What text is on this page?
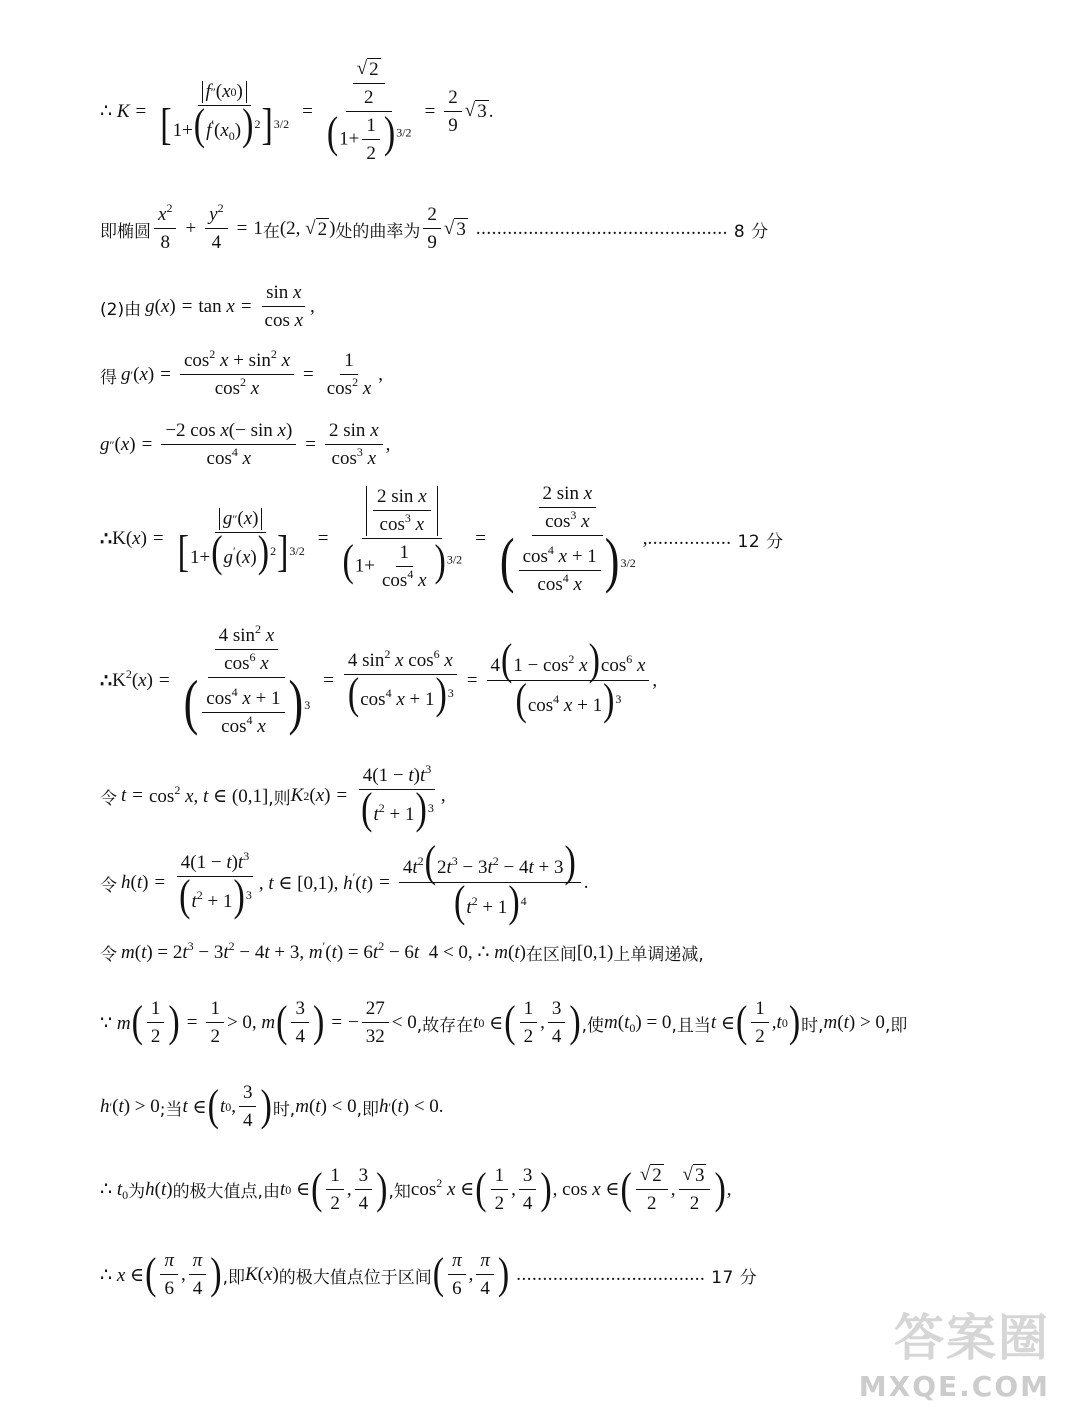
∴ $K = \frac{f '' ( x 0 )}{[1+(f'(x_0))^2]^{3/2}} = \frac{\frac{√ 2}{2}}{(1+ \frac{1}{2} )^{3/2}} = \frac{2}{9}$ √ 3 .
即椭圆 $\frac{x^2}{8} + \frac{y^2}{4} = 1$ 在 (2, √ 2 ) 处的曲率为 $\frac{2}{9}$ √ 3 ................................................ 8 分
(2)由 g $(x) = \tan x = \frac{\text{sin x}}{\text{cos x}}$ ,
得 g ′ $(x) = \frac{\cos^2 x + \sin^2 x}{\cos^2 x} = \frac{1}{\cos^2 x}$ ,
g ″ $(x) = \frac{\text{−2 cos x(− sin x)}}{\cos^4 x} = \frac{\text{2 sin x}}{\cos^3 x}$ ,
∴ $K(x) = \frac{g '' ( x )}{[1+(g'(x))^2]^{3/2}} = \frac{\frac{\text{2 sin x}}{\cos^3 x}}{(1+ \frac{1}{\cos^4 x} )^{3/2}} = \frac{\frac{\text{2 sin x}}{\cos^3 x}}{( \frac{\cos^4 x + 1}{\cos^4 x} )^{3/2}}$ , ................ 12 分
∴ $K^2(x) = \frac{\frac{4 \sin^2 x}{\cos^6 x}}{( \frac{\cos^4 x + 1}{\cos^4 x} )^3} = \frac{4 \sin^2 x \cos^6 x}{(\cos^4 x + 1)^3} = \frac{4(1 - \cos^2 x)\cos^6 x}{(\cos^4 x + 1)^3}$ ,
令 $t = \cos^2 x$, t ∈ (0,1] ,则 K 2 $(x) = \frac{4(1 - t)t^3}{(t^2 + 1)^3}$ ,
令 h $(t) = \frac{4(1 - t)t^3}{(t^2 + 1)^3}$ , t ∈ [0,1), $h'(t) = \frac{4t^2(2t^3 - 3t^2 - 4t + 3)}{(t^2 + 1)^4}$ .
令 m $(t) = 2t^3 - 3t^2 - 4t + 3$, $m'(t) = 6t^2 - 6t$  4 < 0, ∴ m(t) 在区间 [0,1) 上单调递减,
∵ m ( $\frac{1}{2}$ ) = $\frac{1}{2} > 0$, m ( $\frac{3}{4}$ ) = − $\frac{27}{32} < 0$ ,故存在 t 0 ∈ ( $\frac{1}{2}$ , $\frac{3}{4}$ ) ,使 m $(t_0) = 0$ ,且当 t ∈ ( $\frac{1}{2}$ , t 0 ) 时, m (t) > 0 ,即
h ′ (t) > 0 ;当 t ∈ ( t 0 , $\frac{3}{4}$ ) 时, m (t) < 0 ,即 h ′ (t) < 0.
∴ $t_0$ 为 h (t) 的极大值点,由 t 0 ∈ ( $\frac{1}{2}$ , $\frac{3}{4}$ ) ,知 $\cos^2 x$ ∈ ( $\frac{1}{2}$ , $\frac{3}{4}$ ) , cos x ∈ ( $\frac{√ 2}{2}$ , $\frac{√ 3}{2}$ ) ,
∴ x ∈ ( $\frac{\pi}{6}$ , $\frac{\pi}{4}$ ) ,即 K (x) 的极大值点位于区间 ( $\frac{\pi}{6}$ , $\frac{\pi}{4}$ ) .................................... 17 分
答案圈
MXQE.COM
